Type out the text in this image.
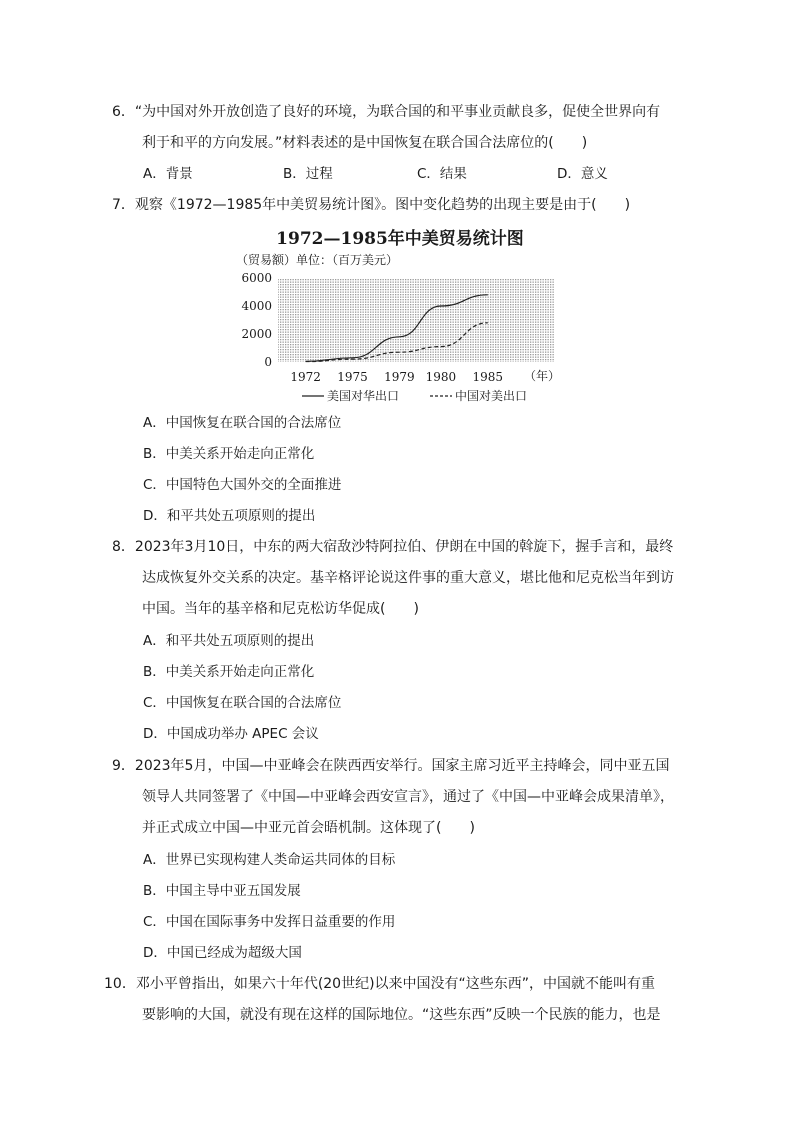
6．“为中国对外开放创造了良好的环境，为联合国的和平事业贡献良多，促使全世界向有
利于和平的方向发展。”材料表述的是中国恢复在联合国合法席位的(　　)
A．背景	B．过程	C．结果	D．意义
7．观察《1972—1985年中美贸易统计图》。图中变化趋势的出现主要是由于(　　)
1972—1985年中美贸易统计图
（贸易额）单位：（百万美元）
（年）
0
2000
4000
6000
1972 1975 1979 1980 1985
美国对华出口	中国对美出口
A．中国恢复在联合国的合法席位
B．中美关系开始走向正常化
C．中国特色大国外交的全面推进
D．和平共处五项原则的提出
8．2023年3月10日，中东的两大宿敌沙特阿拉伯、伊朗在中国的斡旋下，握手言和，最终
达成恢复外交关系的决定。基辛格评论说这件事的重大意义，堪比他和尼克松当年到访
中国。当年的基辛格和尼克松访华促成(　　)
A．和平共处五项原则的提出
B．中美关系开始走向正常化
C．中国恢复在联合国的合法席位
D．中国成功举办 APEC 会议
9．2023年5月，中国—中亚峰会在陕西西安举行。国家主席习近平主持峰会，同中亚五国
领导人共同签署了《中国—中亚峰会西安宣言》，通过了《中国—中亚峰会成果清单》，
并正式成立中国—中亚元首会晤机制。这体现了(　　)
A．世界已实现构建人类命运共同体的目标
B．中国主导中亚五国发展
C．中国在国际事务中发挥日益重要的作用
D．中国已经成为超级大国
10．邓小平曾指出，如果六十年代(20世纪)以来中国没有“这些东西”，中国就不能叫有重
要影响的大国，就没有现在这样的国际地位。“这些东西”反映一个民族的能力，也是
